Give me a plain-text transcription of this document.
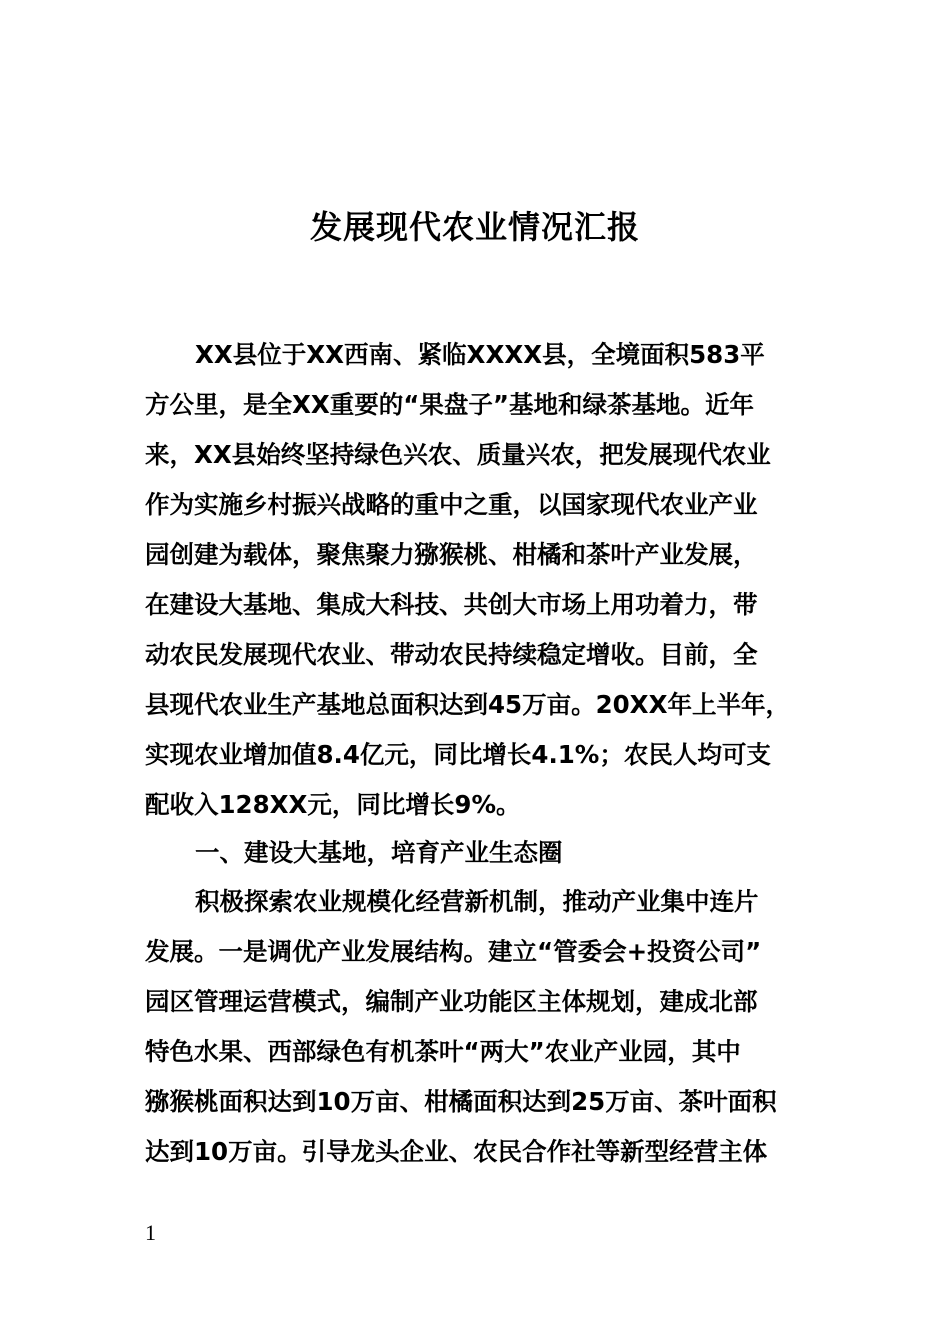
发展现代农业情况汇报
XX县位于XX西南、紧临XXXX县，全境面积583平
方公里，是全XX重要的“果盘子”基地和绿茶基地。近年
来，XX县始终坚持绿色兴农、质量兴农，把发展现代农业
作为实施乡村振兴战略的重中之重，以国家现代农业产业
园创建为载体，聚焦聚力猕猴桃、柑橘和茶叶产业发展，
在建设大基地、集成大科技、共创大市场上用功着力，带
动农民发展现代农业、带动农民持续稳定增收。目前，全
县现代农业生产基地总面积达到45万亩。20XX年上半年，
实现农业增加值8.4亿元，同比增长4.1%；农民人均可支
配收入128XX元，同比增长9%。
一、建设大基地，培育产业生态圈
积极探索农业规模化经营新机制，推动产业集中连片
发展。一是调优产业发展结构。建立“管委会+投资公司”
园区管理运营模式，编制产业功能区主体规划，建成北部
特色水果、西部绿色有机茶叶“两大”农业产业园，其中
猕猴桃面积达到10万亩、柑橘面积达到25万亩、茶叶面积
达到10万亩。引导龙头企业、农民合作社等新型经营主体
1
